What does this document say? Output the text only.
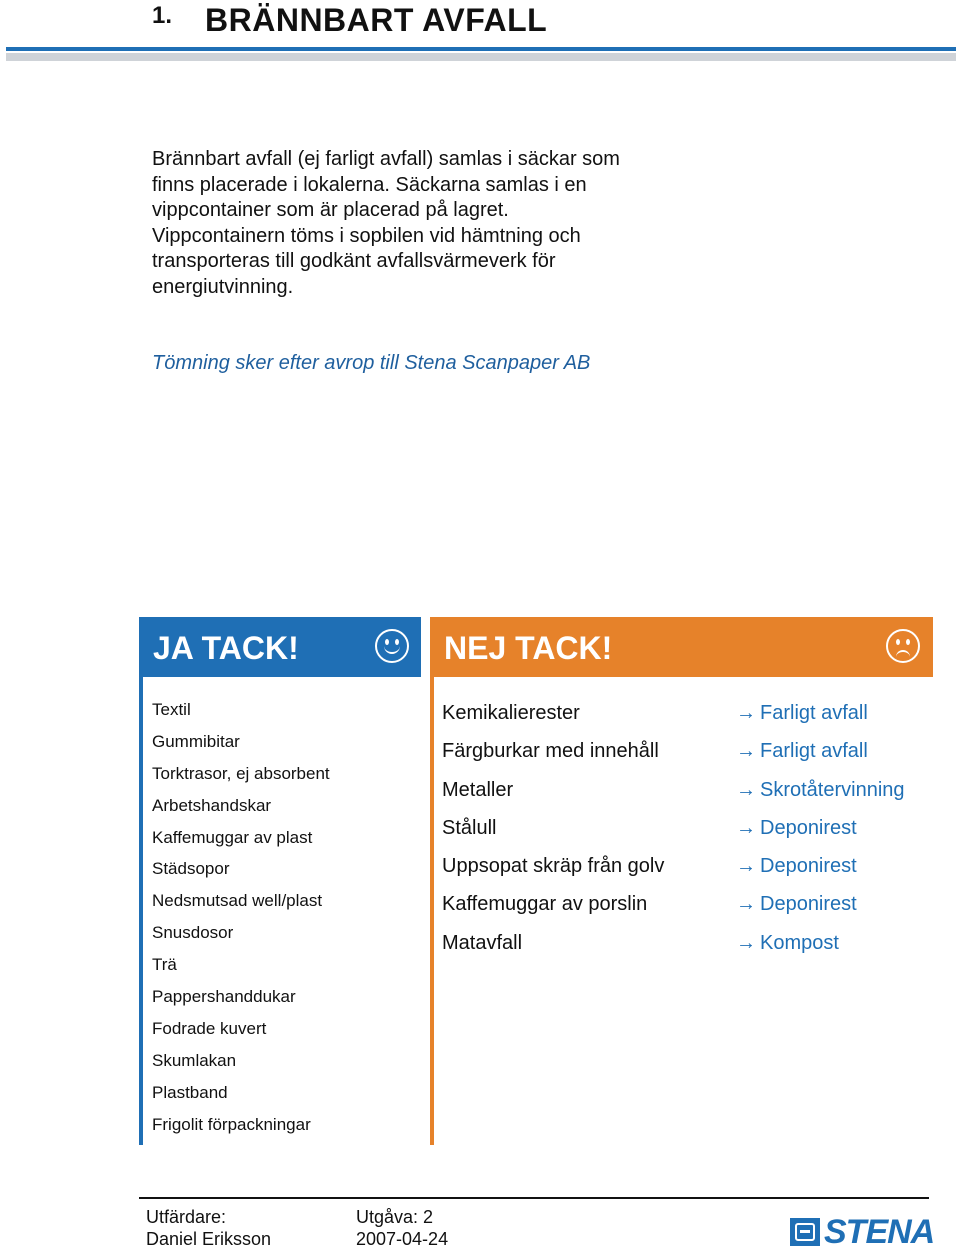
1. BRÄNNBART AVFALL
Brännbart avfall (ej farligt avfall) samlas i säckar som
finns placerade i lokalerna. Säckarna samlas i en
vippcontainer som är placerad på lagret.
Vippcontainern töms i sopbilen vid hämtning och
transporteras till godkänt avfallsvärmeverk för
energiutvinning.
Tömning sker efter avrop till Stena Scanpaper AB
JA TACK!
Textil
Gummibitar
Torktrasor, ej absorbent
Arbetshandskar
Kaffemuggar av plast
Städsopor
Nedsmutsad well/plast
Snusdosor
Trä
Pappershanddukar
Fodrade kuvert
Skumlakan
Plastband
Frigolit förpackningar
NEJ TACK!
Kemikalierester	→ Farligt avfall
Färgburkar med innehåll	→ Farligt avfall
Metaller	→ Skrotåtervinning
Stålull	→ Deponirest
Uppsopat skräp från golv	→ Deponirest
Kaffemuggar av porslin	→ Deponirest
Matavfall	→ Kompost
Utfärdare:
Daniel Eriksson
Utgåva: 2
2007-04-24	STENA
